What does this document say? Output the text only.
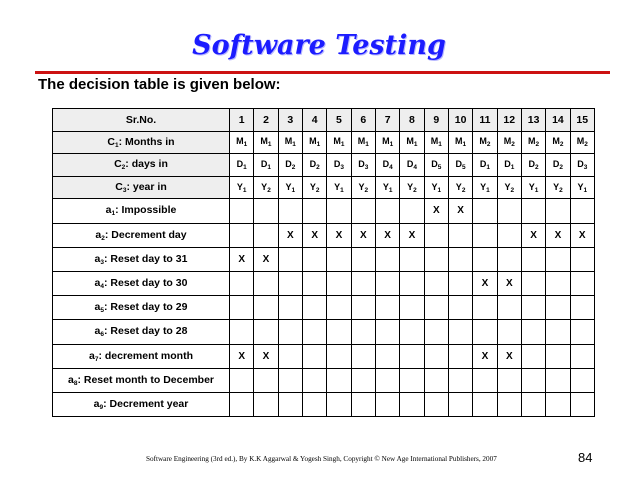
Software Testing
The decision table is given below:
Sr.No.	1	2	3	4	5	6	7	8	9	10	11	12	13	14	15
$C_1$: Months in	$M_1$	$M_1$	$M_1$	$M_1$	$M_1$	$M_1$	$M_1$	$M_1$	$M_1$	$M_1$	$M_2$	$M_2$	$M_2$	$M_2$	$M_2$
$C_2$: days in	$D_1$	$D_1$	$D_2$	$D_2$	$D_3$	$D_3$	$D_4$	$D_4$	$D_5$	$D_5$	$D_1$	$D_1$	$D_2$	$D_2$	$D_3$
$C_3$: year in	$Y_1$	$Y_2$	$Y_1$	$Y_2$	$Y_1$	$Y_2$	$Y_1$	$Y_2$	$Y_1$	$Y_2$	$Y_1$	$Y_2$	$Y_1$	$Y_2$	$Y_1$
$a_1$: Impossible									X	X					
$a_2$: Decrement day			X	X	X	X	X	X					X	X	X
$a_3$: Reset day to 31	X	X													
$a_4$: Reset day to 30											X	X			
$a_5$: Reset day to 29															
$a_6$: Reset day to 28															
$a_7$: decrement month	X	X									X	X			
$a_8$: Reset month to December															
$a_9$: Decrement year															
Software Engineering (3rd ed.), By K.K Aggarwal & Yogesh Singh, Copyright © New Age International Publishers, 2007	84
